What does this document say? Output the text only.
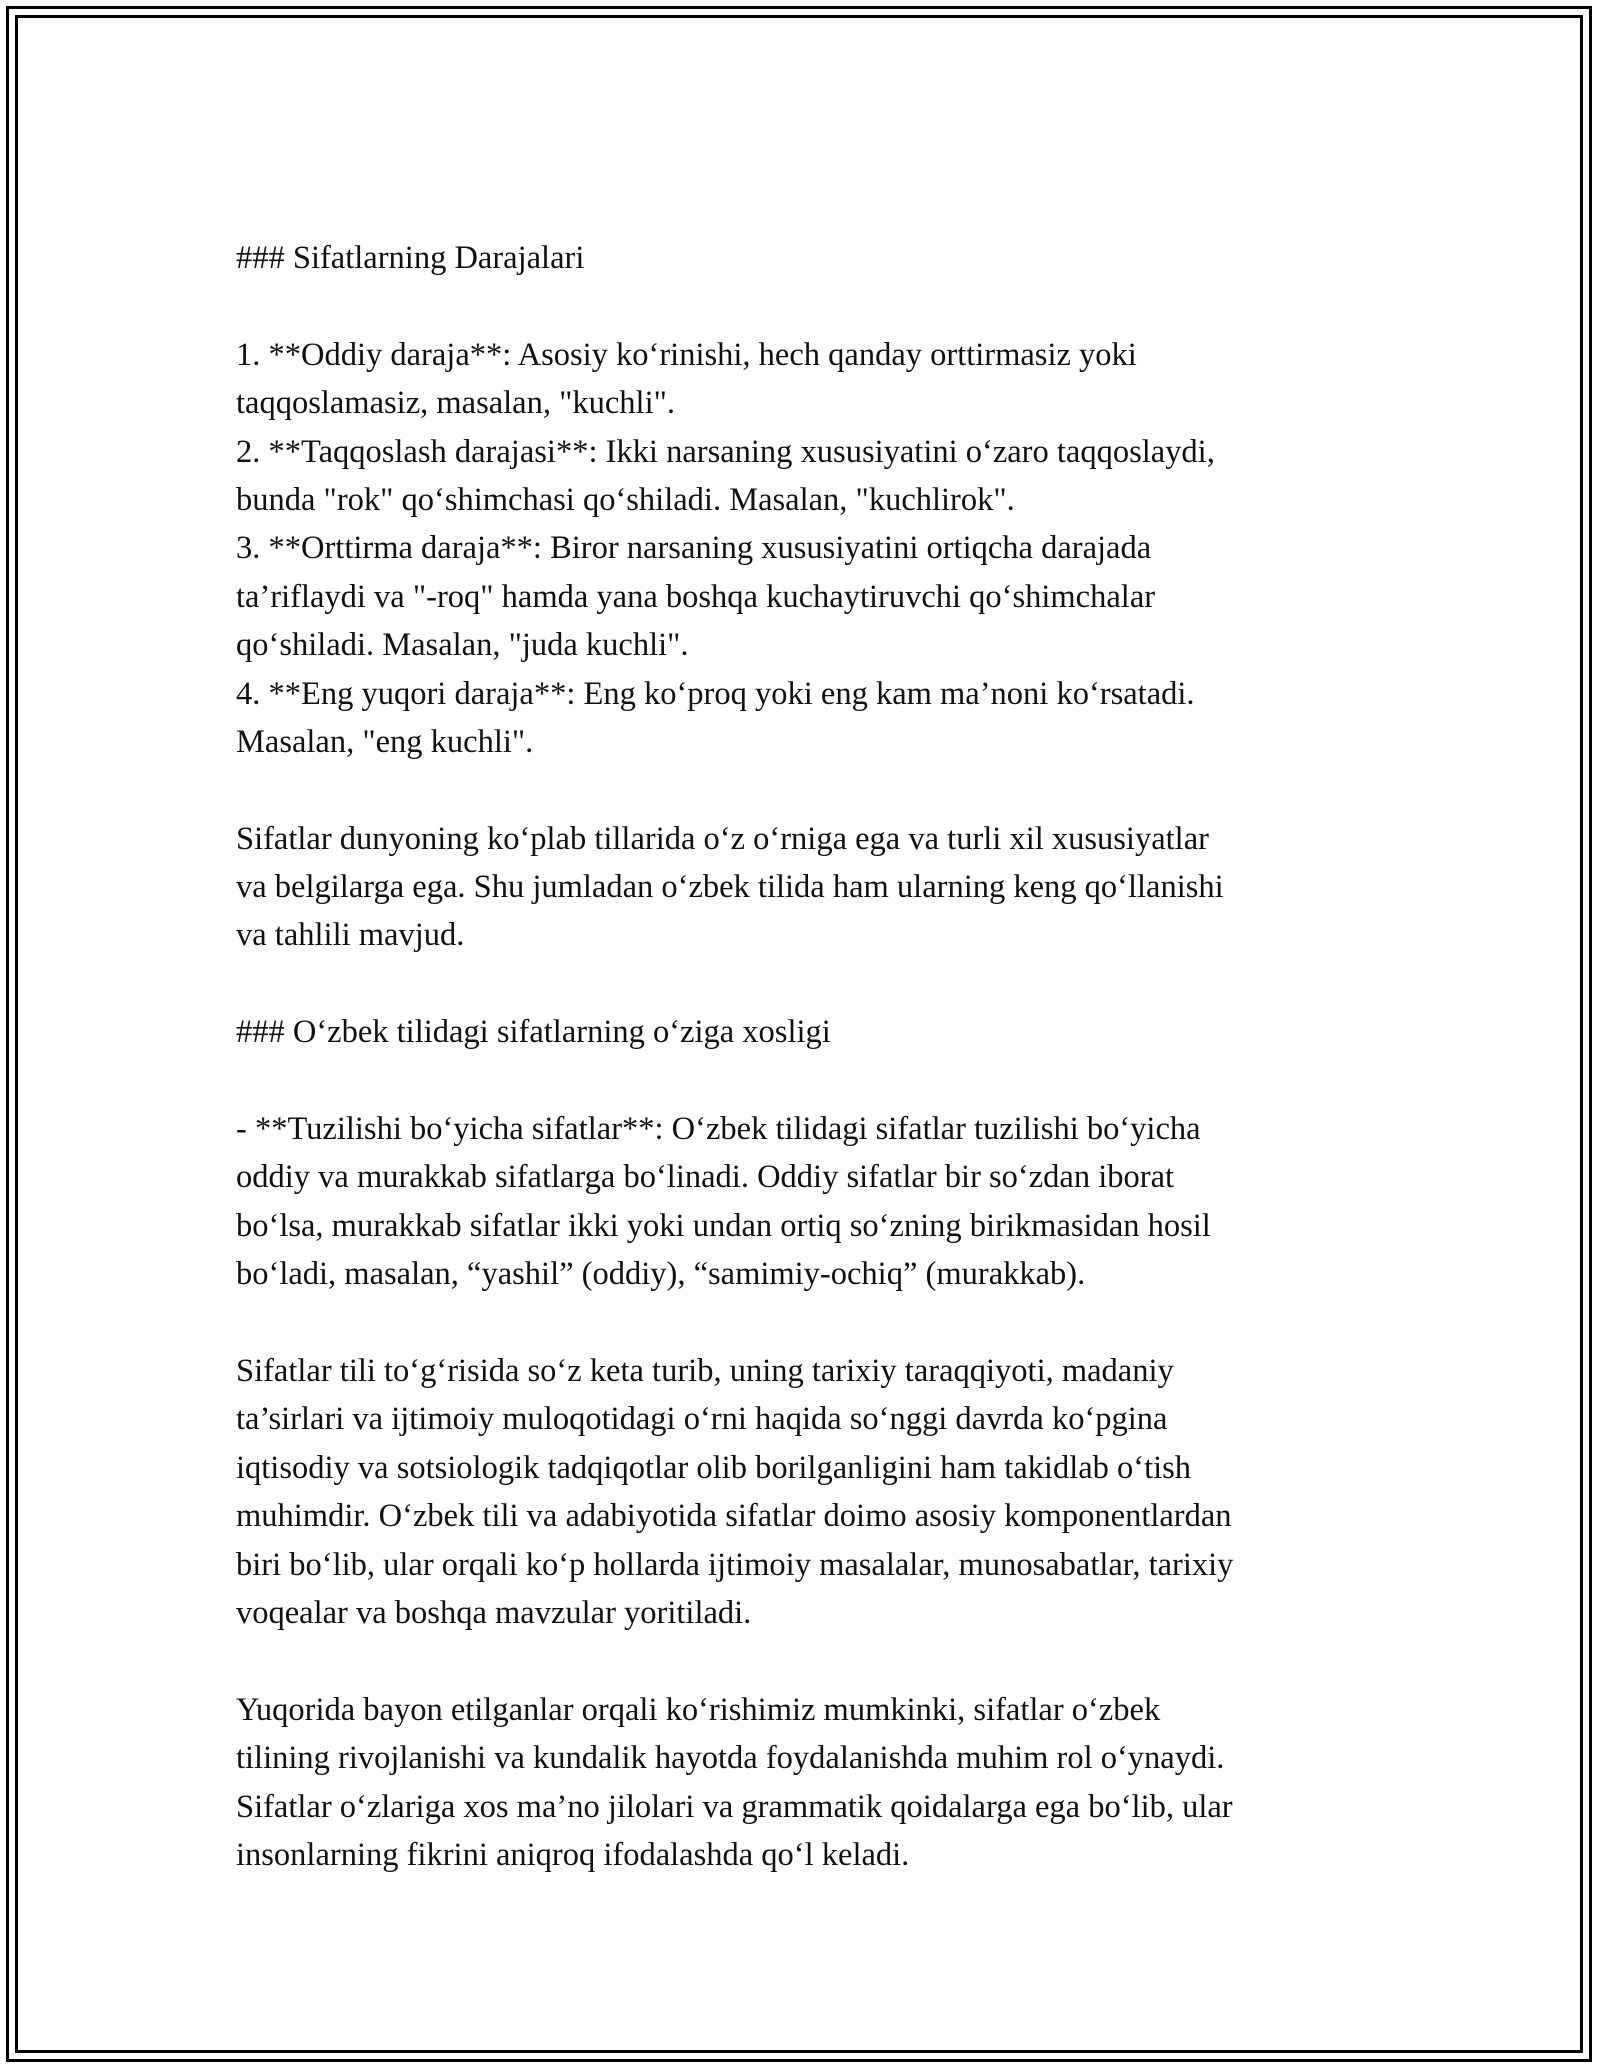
### Sifatlarning Darajalari
1. **Oddiy daraja**: Asosiy ko‘rinishi, hech qanday orttirmasiz yoki
taqqoslamasiz, masalan, "kuchli".
2. **Taqqoslash darajasi**: Ikki narsaning xususiyatini o‘zaro taqqoslaydi,
bunda "rok" qo‘shimchasi qo‘shiladi. Masalan, "kuchlirok".
3. **Orttirma daraja**: Biror narsaning xususiyatini ortiqcha darajada
ta’riflaydi va "-roq" hamda yana boshqa kuchaytiruvchi qo‘shimchalar
qo‘shiladi. Masalan, "juda kuchli".
4. **Eng yuqori daraja**: Eng ko‘proq yoki eng kam ma’noni ko‘rsatadi.
Masalan, "eng kuchli".
Sifatlar dunyoning ko‘plab tillarida o‘z o‘rniga ega va turli xil xususiyatlar
va belgilarga ega. Shu jumladan o‘zbek tilida ham ularning keng qo‘llanishi
va tahlili mavjud.
### O‘zbek tilidagi sifatlarning o‘ziga xosligi
- **Tuzilishi bo‘yicha sifatlar**: O‘zbek tilidagi sifatlar tuzilishi bo‘yicha
oddiy va murakkab sifatlarga bo‘linadi. Oddiy sifatlar bir so‘zdan iborat
bo‘lsa, murakkab sifatlar ikki yoki undan ortiq so‘zning birikmasidan hosil
bo‘ladi, masalan, “yashil” (oddiy), “samimiy-ochiq” (murakkab).
Sifatlar tili to‘g‘risida so‘z keta turib, uning tarixiy taraqqiyoti, madaniy
ta’sirlari va ijtimoiy muloqotidagi o‘rni haqida so‘nggi davrda ko‘pgina
iqtisodiy va sotsiologik tadqiqotlar olib borilganligini ham takidlab o‘tish
muhimdir. O‘zbek tili va adabiyotida sifatlar doimo asosiy komponentlardan
biri bo‘lib, ular orqali ko‘p hollarda ijtimoiy masalalar, munosabatlar, tarixiy
voqealar va boshqa mavzular yoritiladi.
Yuqorida bayon etilganlar orqali ko‘rishimiz mumkinki, sifatlar o‘zbek
tilining rivojlanishi va kundalik hayotda foydalanishda muhim rol o‘ynaydi.
Sifatlar o‘zlariga xos ma’no jilolari va grammatik qoidalarga ega bo‘lib, ular
insonlarning fikrini aniqroq ifodalashda qo‘l keladi.
